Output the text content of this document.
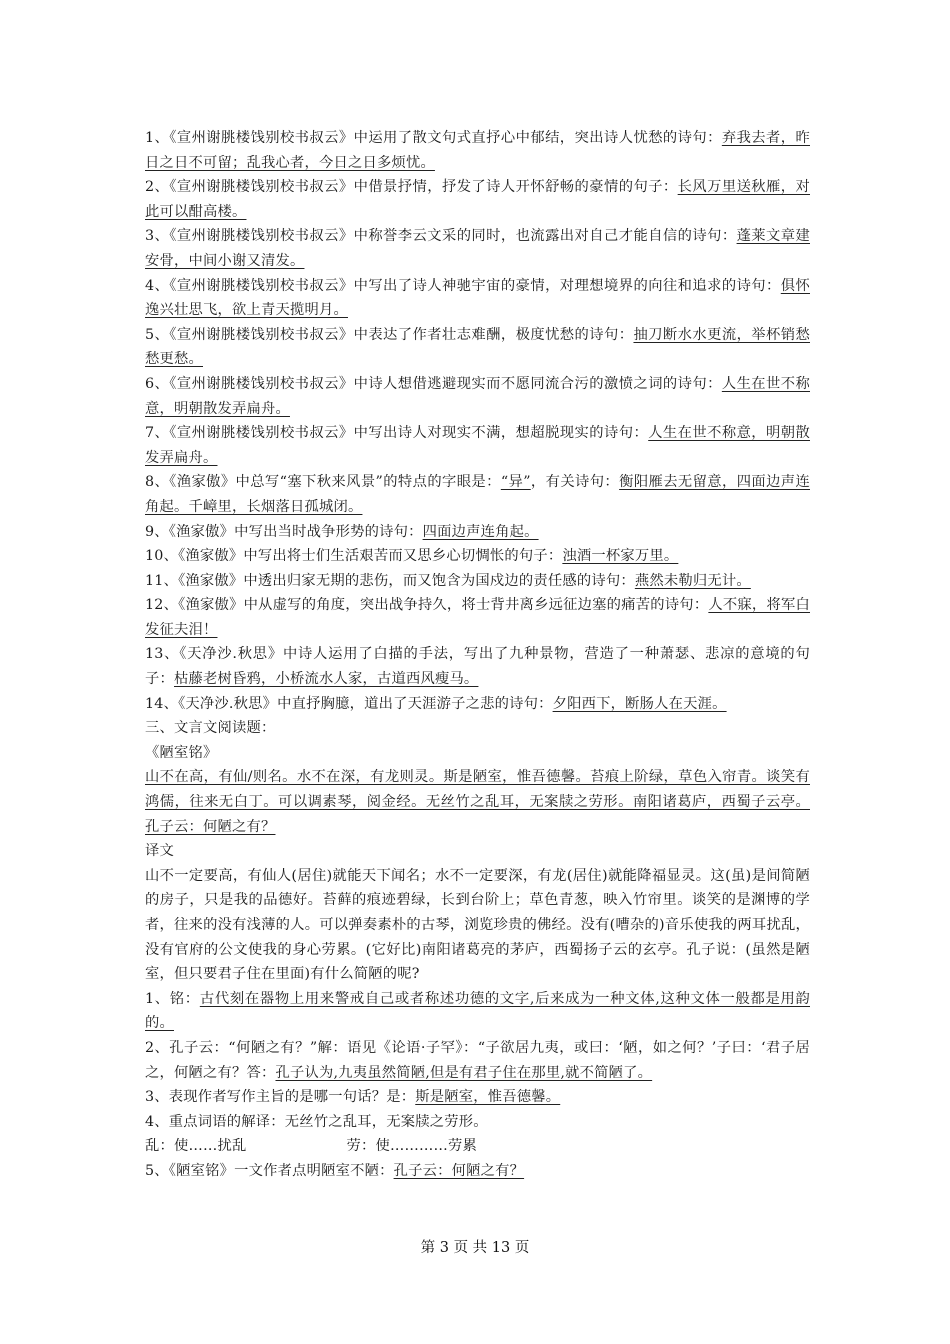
1、《宣州谢朓楼饯别校书叔云》中运用了散文句式直抒心中郁结，突出诗人忧愁的诗句：弃我去者，昨日之日不可留；乱我心者，今日之日多烦忧。

2、《宣州谢朓楼饯别校书叔云》中借景抒情，抒发了诗人开怀舒畅的豪情的句子：长风万里送秋雁，对此可以酣高楼。

3、《宣州谢朓楼饯别校书叔云》中称誉李云文采的同时，也流露出对自己才能自信的诗句：蓬莱文章建安骨，中间小谢又清发。

4、《宣州谢朓楼饯别校书叔云》中写出了诗人神驰宇宙的豪情，对理想境界的向往和追求的诗句：俱怀逸兴壮思飞，欲上青天揽明月。

5、《宣州谢朓楼饯别校书叔云》中表达了作者壮志难酬，极度忧愁的诗句：抽刀断水水更流，举杯销愁愁更愁。

6、《宣州谢朓楼饯别校书叔云》中诗人想借逃避现实而不愿同流合污的激愤之词的诗句：人生在世不称意，明朝散发弄扁舟。

7、《宣州谢朓楼饯别校书叔云》中写出诗人对现实不满，想超脱现实的诗句：人生在世不称意，明朝散发弄扁舟。

8、《渔家傲》中总写“塞下秋来风景”的特点的字眼是：“异”，有关诗句：衡阳雁去无留意，四面边声连角起。千嶂里，长烟落日孤城闭。

9、《渔家傲》中写出当时战争形势的诗句：四面边声连角起。

10、《渔家傲》中写出将士们生活艰苦而又思乡心切惆怅的句子：浊酒一杯家万里。

11、《渔家傲》中透出归家无期的悲伤，而又饱含为国戍边的责任感的诗句：燕然未勒归无计。

12、《渔家傲》中从虚写的角度，突出战争持久，将士背井离乡远征边塞的痛苦的诗句：人不寐，将军白发征夫泪！

13、《天净沙.秋思》中诗人运用了白描的手法，写出了九种景物，营造了一种萧瑟、悲凉的意境的句子：枯藤老树昏鸦，小桥流水人家，古道西风瘦马。

14、《天净沙.秋思》中直抒胸臆，道出了天涯游子之悲的诗句：夕阳西下，断肠人在天涯。

三、文言文阅读题：

《陋室铭》

山不在高，有仙/则名。水不在深，有龙则灵。斯是陋室，惟吾德馨。苔痕上阶绿，草色入帘青。谈笑有鸿儒，往来无白丁。可以调素琴，阅金经。无丝竹之乱耳，无案牍之劳形。南阳诸葛庐，西蜀子云亭。孔子云：何陋之有？

译文

山不一定要高，有仙人(居住)就能天下闻名；水不一定要深，有龙(居住)就能降福显灵。这(虽)是间简陋的房子，只是我的品德好。苔藓的痕迹碧绿，长到台阶上；草色青葱，映入竹帘里。谈笑的是渊博的学者，往来的没有浅薄的人。可以弹奏素朴的古琴，浏览珍贵的佛经。没有(嘈杂的)音乐使我的两耳扰乱，没有官府的公文使我的身心劳累。(它好比)南阳诸葛亮的茅庐，西蜀扬子云的玄亭。孔子说：(虽然是陋室，但只要君子住在里面)有什么简陋的呢?

1、铭：古代刻在器物上用来警戒自己或者称述功德的文字,后来成为一种文体,这种文体一般都是用韵的。

2、孔子云：“何陋之有？”解：语见《论语·子罕》：“子欲居九夷，或曰：‘陋，如之何？’子曰：‘君子居之，何陋之有？答：孔子认为,九夷虽然简陋,但是有君子住在那里,就不简陋了。

3、表现作者写作主旨的是哪一句话？是：斯是陋室，惟吾德馨。

4、重点词语的解译：无丝竹之乱耳，无案牍之劳形。

乱：使……扰乱	劳：使…………劳累

5、《陋室铭》一文作者点明陋室不陋：孔子云：何陋之有？

第 3 页 共 13 页
